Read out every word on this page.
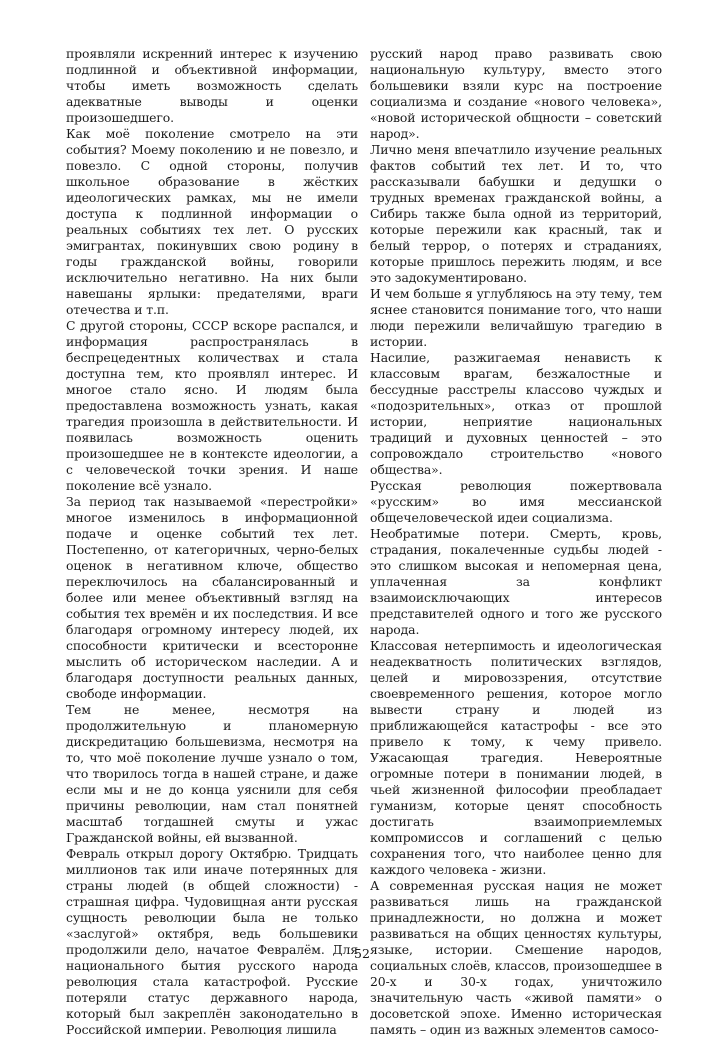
проявляли искренний интерес к изучению подлинной и объективной информации, чтобы иметь возможность сделать адекватные выводы и оценки произошедшего.

Как моё поколение смотрело на эти события? Моему поколению и не повезло, и повезло. С одной стороны, получив школьное образование в жёстких идеологических рамках, мы не имели доступа к подлинной информации о реальных событиях тех лет. О русских эмигрантах, покинувших свою родину в годы гражданской войны, говорили исключительно негативно. На них были навешаны ярлыки: предателями, враги отечества и т.п.

С другой стороны, СССР вскоре распался, и информация распространялась в беспрецедентных количествах и стала доступна тем, кто проявлял интерес. И многое стало ясно. И людям была предоставлена возможность узнать, какая трагедия произошла в действительности. И появилась возможность оценить произошедшее не в контексте идеологии, а с человеческой точки зрения. И наше поколение всё узнало.

За период так называемой «перестройки» многое изменилось в информационной подаче и оценке событий тех лет. Постепенно, от категоричных, черно-белых оценок в негативном ключе, общество переключилось на сбалансированный и более или менее объективный взгляд на события тех времён и их последствия. И все благодаря огромному интересу людей, их способности критически и всесторонне мыслить об историческом наследии. А и благодаря доступности реальных данных, свободе информации.

Тем не менее, несмотря на продолжительную и планомерную дискредитацию большевизма, несмотря на то, что моё поколение лучше узнало о том, что творилось тогда в нашей стране, и даже если мы и не до конца уяснили для себя причины революции, нам стал понятней масштаб тогдашней смуты и ужас Гражданской войны, ей вызванной.

Февраль открыл дорогу Октябрю. Тридцать миллионов так или иначе потерянных для страны людей (в общей сложности) - страшная цифра. Чудовищная анти русская сущность революции была не только «заслугой» октября, ведь большевики продолжили дело, начатое Февралём. Для национального бытия русского народа революция стала катастрофой. Русские потеряли статус державного народа, который был закреплён законодательно в Российской империи. Революция лишила

русский народ право развивать свою национальную культуру, вместо этого большевики взяли курс на построение социализма и создание «нового человека», «новой исторической общности – советский народ».

Лично меня впечатлило изучение реальных фактов событий тех лет. И то, что рассказывали бабушки и дедушки о трудных временах гражданской войны, а Сибирь также была одной из территорий, которые пережили как красный, так и белый террор, о потерях и страданиях, которые пришлось пережить людям, и все это задокументировано.

И чем больше я углубляюсь на эту тему, тем яснее становится понимание того, что наши люди пережили величайшую трагедию в истории.

Насилие, разжигаемая ненависть к классовым врагам, безжалостные и бессудные расстрелы классово чуждых и «подозрительных», отказ от прошлой истории, неприятие национальных традиций и духовных ценностей – это сопровождало строительство «нового общества».

Русская революция пожертвовала «русским» во имя мессианской общечеловеческой идеи социализма.

Необратимые потери. Смерть, кровь, страдания, покалеченные судьбы людей - это слишком высокая и непомерная цена, уплаченная за конфликт взаимоисключающих интересов представителей одного и того же русского народа.

Классовая нетерпимость и идеологическая неадекватность политических взглядов, целей и мировоззрения, отсутствие своевременного решения, которое могло вывести страну и людей из приближающейся катастрофы - все это привело к тому, к чему привело. Ужасающая трагедия. Невероятные огромные потери в понимании людей, в чьей жизненной философии преобладает гуманизм, которые ценят способность достигать взаимоприемлемых компромиссов и соглашений с целью сохранения того, что наиболее ценно для каждого человека - жизни.

А современная русская нация не может развиваться лишь на гражданской принадлежности, но должна и может развиваться на общих ценностях культуры, языке, истории. Смешение народов, социальных слоёв, классов, произошедшее в 20-х и 30-х годах, уничтожило значительную часть «живой памяти» о досоветской эпохе. Именно историческая память – один из важных элементов самосо-

52
